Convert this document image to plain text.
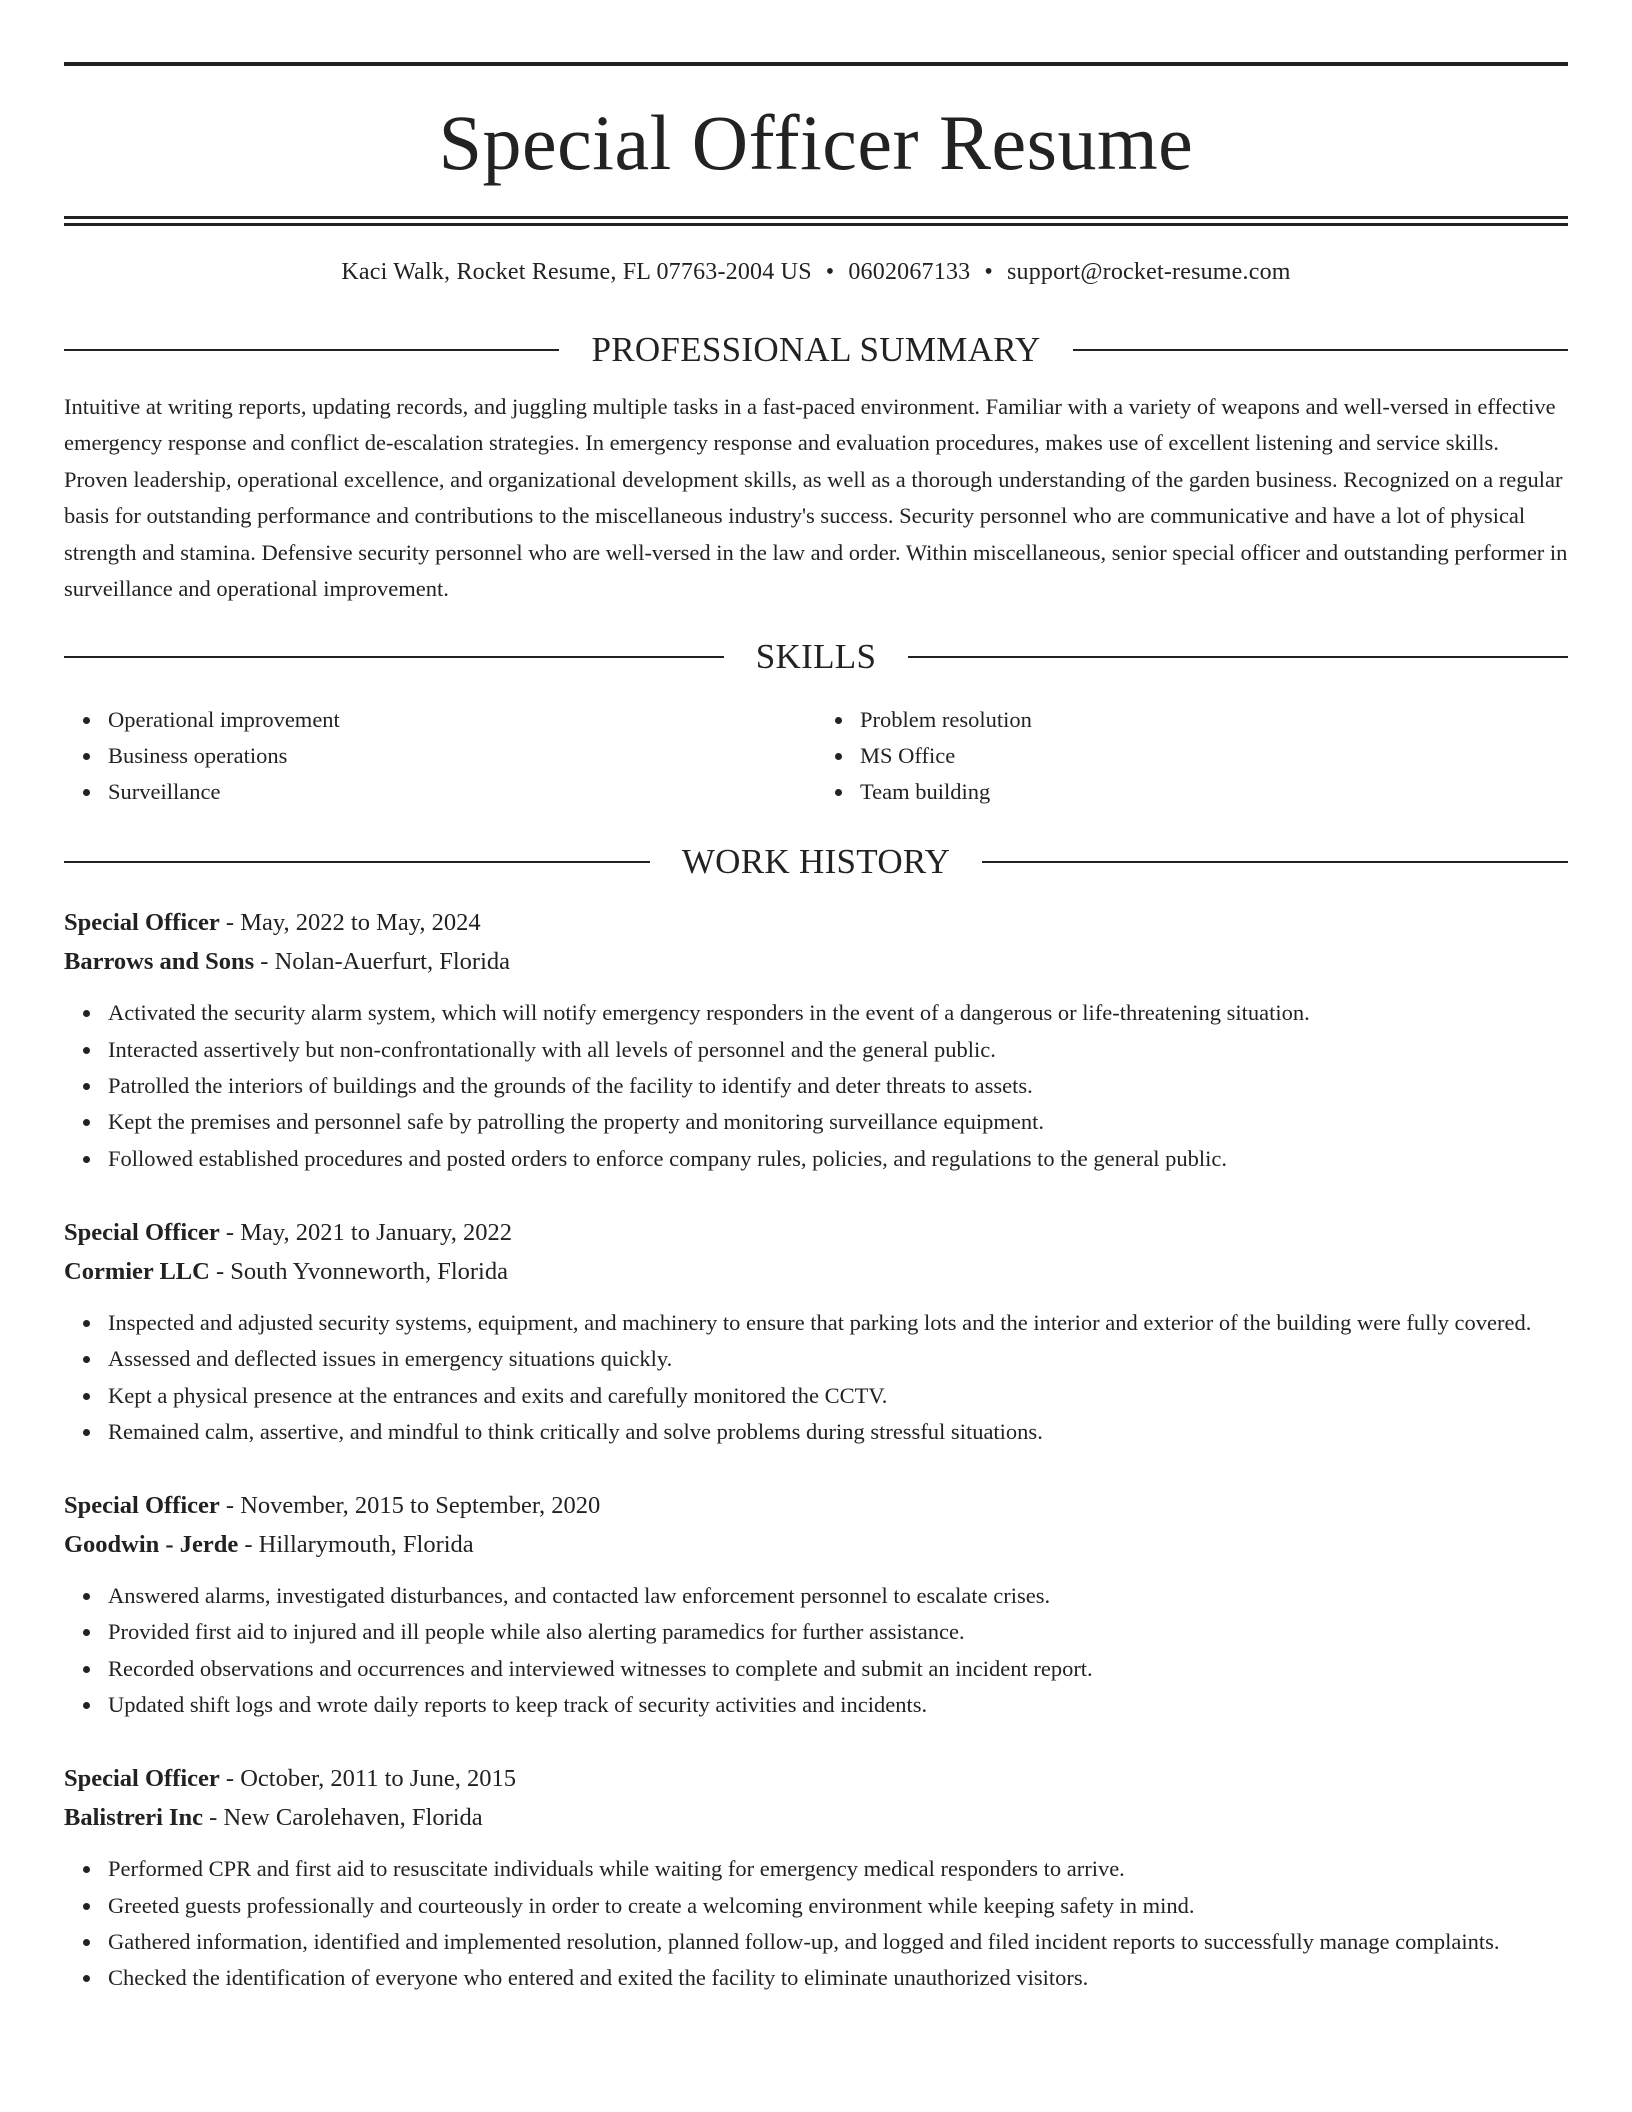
Special Officer Resume
Kaci Walk, Rocket Resume, FL 07763-2004 US • 0602067133 • support@rocket-resume.com
PROFESSIONAL SUMMARY
Intuitive at writing reports, updating records, and juggling multiple tasks in a fast-paced environment. Familiar with a variety of weapons and well-versed in effective emergency response and conflict de-escalation strategies. In emergency response and evaluation procedures, makes use of excellent listening and service skills. Proven leadership, operational excellence, and organizational development skills, as well as a thorough understanding of the garden business. Recognized on a regular basis for outstanding performance and contributions to the miscellaneous industry's success. Security personnel who are communicative and have a lot of physical strength and stamina. Defensive security personnel who are well-versed in the law and order. Within miscellaneous, senior special officer and outstanding performer in surveillance and operational improvement.
SKILLS
Operational improvement
Business operations
Surveillance
Problem resolution
MS Office
Team building
WORK HISTORY
Special Officer - May, 2022 to May, 2024
Barrows and Sons - Nolan-Auerfurt, Florida
Activated the security alarm system, which will notify emergency responders in the event of a dangerous or life-threatening situation.
Interacted assertively but non-confrontationally with all levels of personnel and the general public.
Patrolled the interiors of buildings and the grounds of the facility to identify and deter threats to assets.
Kept the premises and personnel safe by patrolling the property and monitoring surveillance equipment.
Followed established procedures and posted orders to enforce company rules, policies, and regulations to the general public.
Special Officer - May, 2021 to January, 2022
Cormier LLC - South Yvonneworth, Florida
Inspected and adjusted security systems, equipment, and machinery to ensure that parking lots and the interior and exterior of the building were fully covered.
Assessed and deflected issues in emergency situations quickly.
Kept a physical presence at the entrances and exits and carefully monitored the CCTV.
Remained calm, assertive, and mindful to think critically and solve problems during stressful situations.
Special Officer - November, 2015 to September, 2020
Goodwin - Jerde - Hillarymouth, Florida
Answered alarms, investigated disturbances, and contacted law enforcement personnel to escalate crises.
Provided first aid to injured and ill people while also alerting paramedics for further assistance.
Recorded observations and occurrences and interviewed witnesses to complete and submit an incident report.
Updated shift logs and wrote daily reports to keep track of security activities and incidents.
Special Officer - October, 2011 to June, 2015
Balistreri Inc - New Carolehaven, Florida
Performed CPR and first aid to resuscitate individuals while waiting for emergency medical responders to arrive.
Greeted guests professionally and courteously in order to create a welcoming environment while keeping safety in mind.
Gathered information, identified and implemented resolution, planned follow-up, and logged and filed incident reports to successfully manage complaints.
Checked the identification of everyone who entered and exited the facility to eliminate unauthorized visitors.
